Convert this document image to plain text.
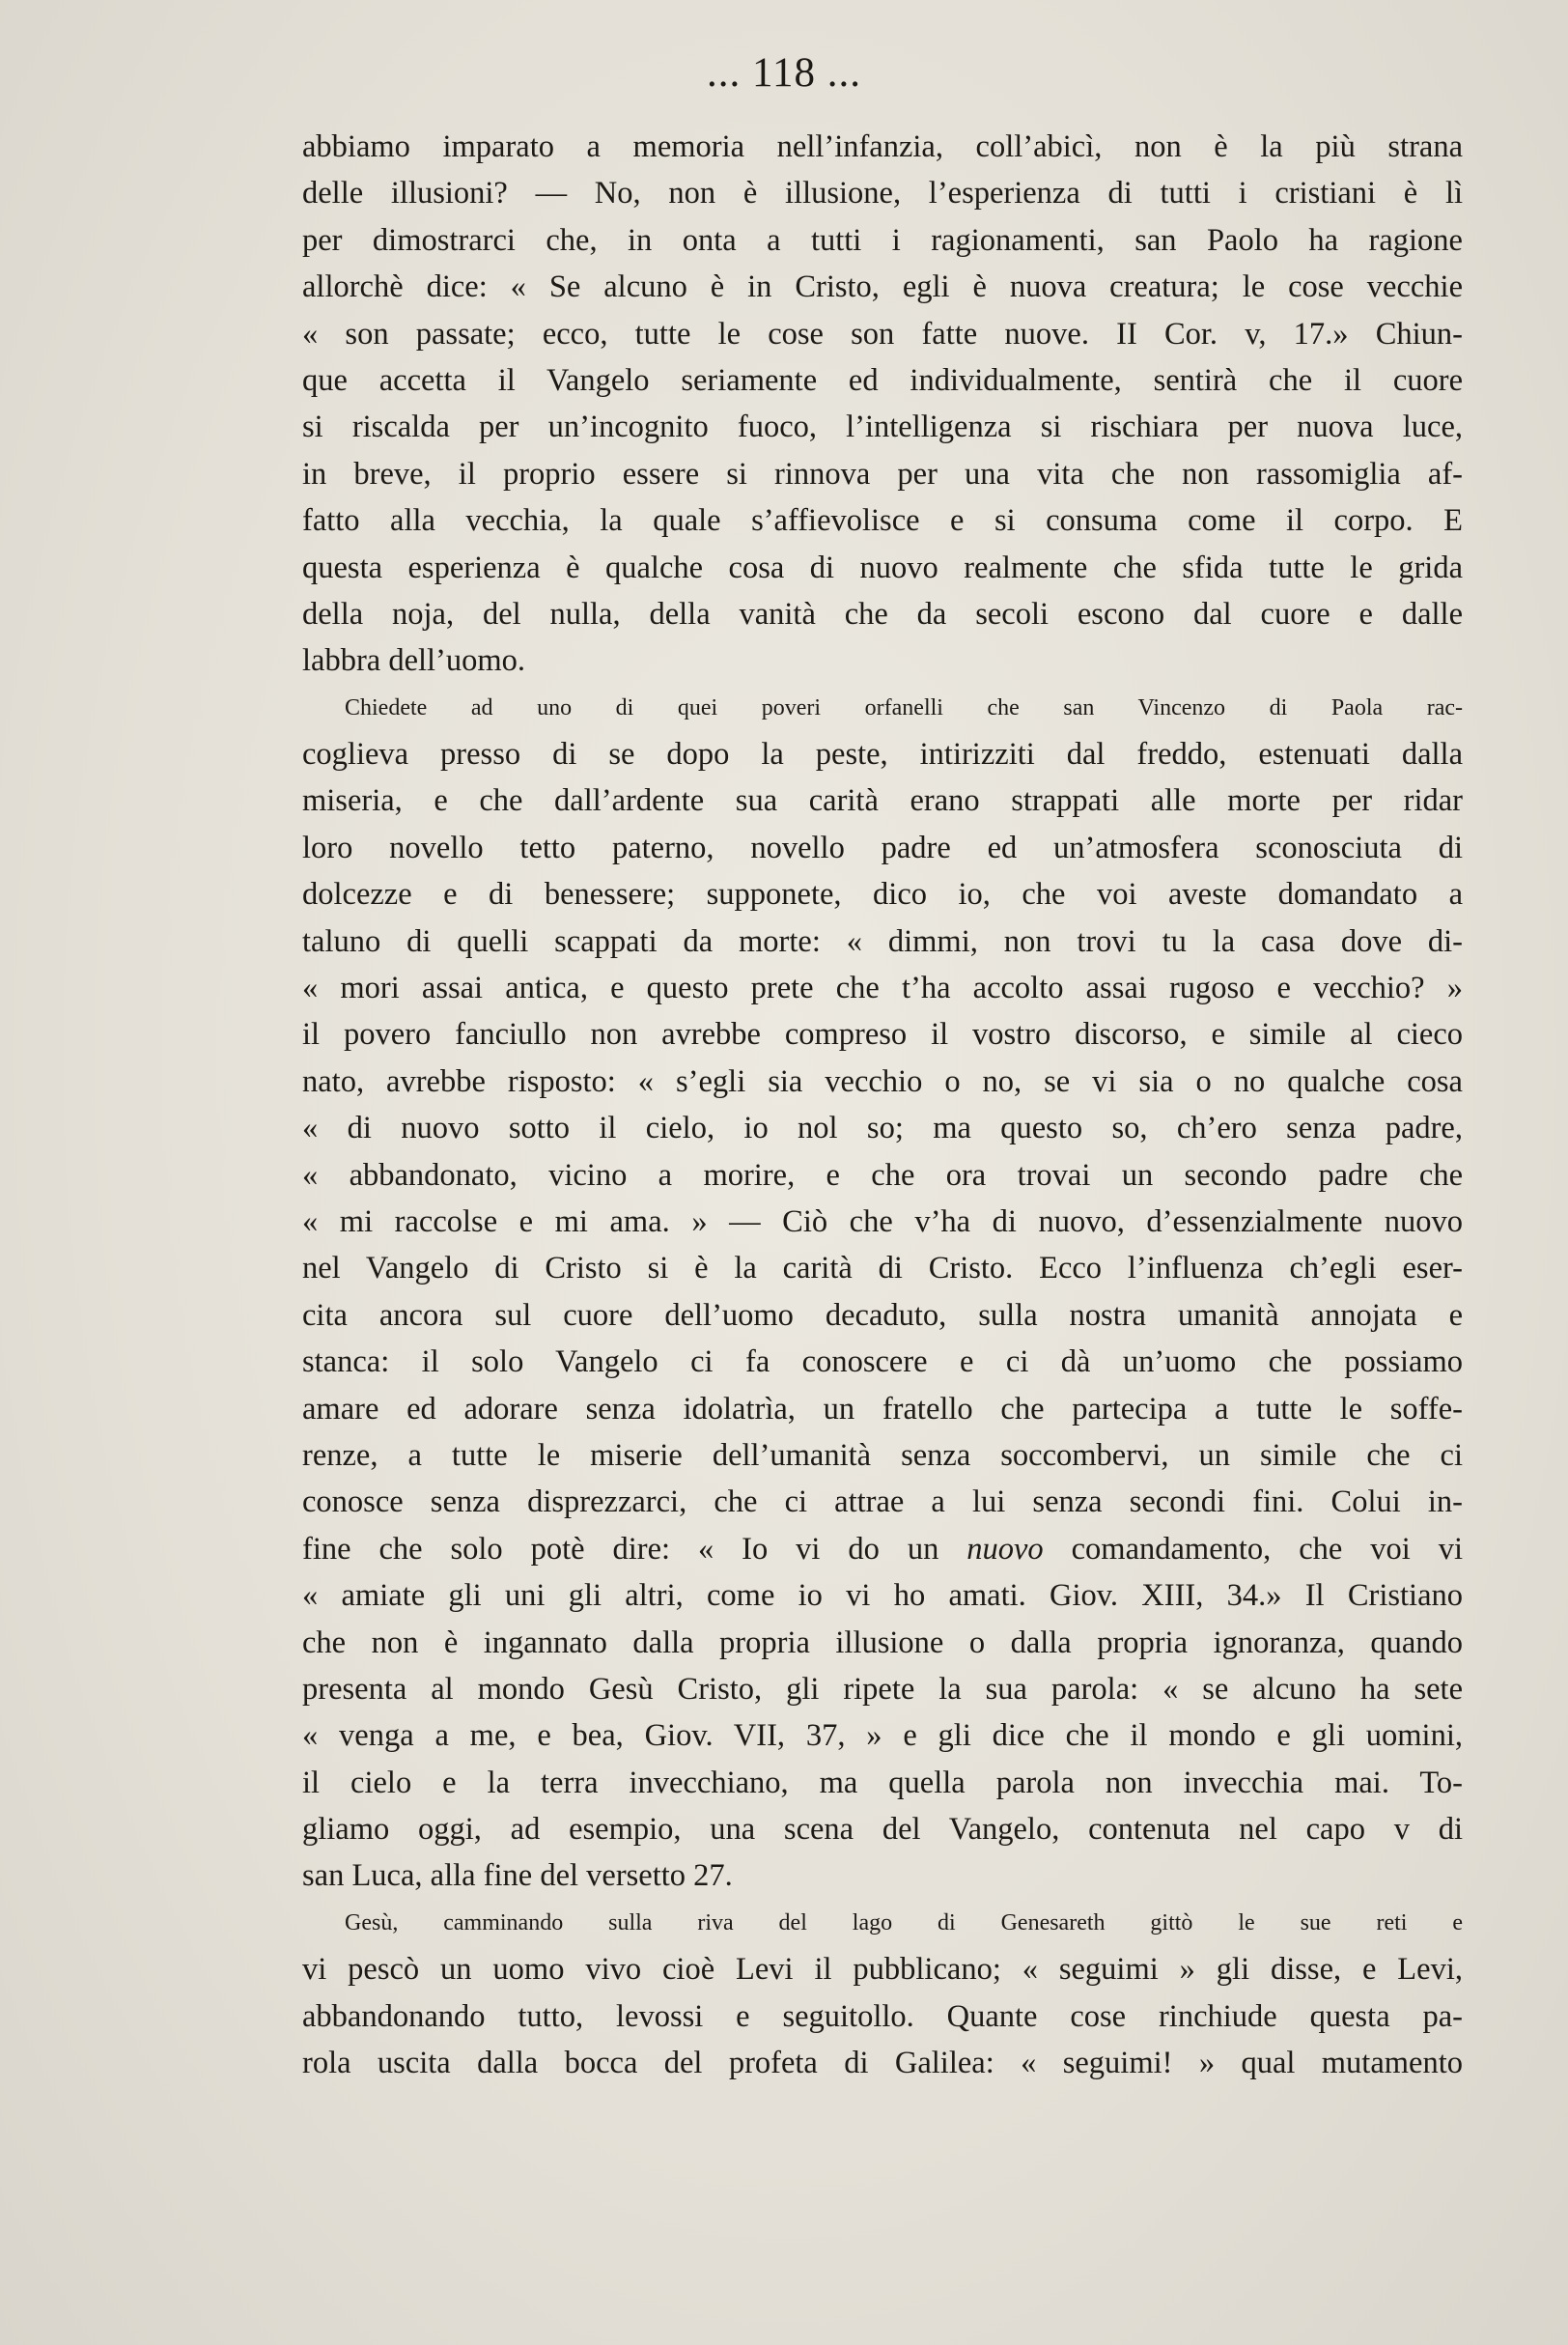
... 118 ...

abbiamo imparato a memoria nell’infanzia, coll’abicì, non è la più strana
delle illusioni? — No, non è illusione, l’esperienza di tutti i cristiani è lì
per dimostrarci che, in onta a tutti i ragionamenti, san Paolo ha ragione
allorchè dice: « Se alcuno è in Cristo, egli è nuova creatura; le cose vecchie
« son passate; ecco, tutte le cose son fatte nuove. II Cor. v, 17.» Chiun-
que accetta il Vangelo seriamente ed individualmente, sentirà che il cuore
si riscalda per un’incognito fuoco, l’intelligenza si rischiara per nuova luce,
in breve, il proprio essere si rinnova per una vita che non rassomiglia af-
fatto alla vecchia, la quale s’affievolisce e si consuma come il corpo. E
questa esperienza è qualche cosa di nuovo realmente che sfida tutte le grida
della noja, del nulla, della vanità che da secoli escono dal cuore e dalle
labbra dell’uomo.
Chiedete ad uno di quei poveri orfanelli che san Vincenzo di Paola rac-
coglieva presso di se dopo la peste, intirizziti dal freddo, estenuati dalla
miseria, e che dall’ardente sua carità erano strappati alle morte per ridar
loro novello tetto paterno, novello padre ed un’atmosfera sconosciuta di
dolcezze e di benessere; supponete, dico io, che voi aveste domandato a
taluno di quelli scappati da morte: « dimmi, non trovi tu la casa dove di-
« mori assai antica, e questo prete che t’ha accolto assai rugoso e vecchio? »
il povero fanciullo non avrebbe compreso il vostro discorso, e simile al cieco
nato, avrebbe risposto: « s’egli sia vecchio o no, se vi sia o no qualche cosa
« di nuovo sotto il cielo, io nol so; ma questo so, ch’ero senza padre,
« abbandonato, vicino a morire, e che ora trovai un secondo padre che
« mi raccolse e mi ama. » — Ciò che v’ha di nuovo, d’essenzialmente nuovo
nel Vangelo di Cristo si è la carità di Cristo. Ecco l’influenza ch’egli eser-
cita ancora sul cuore dell’uomo decaduto, sulla nostra umanità annojata e
stanca: il solo Vangelo ci fa conoscere e ci dà un’uomo che possiamo
amare ed adorare senza idolatrìa, un fratello che partecipa a tutte le soffe-
renze, a tutte le miserie dell’umanità senza soccombervi, un simile che ci
conosce senza disprezzarci, che ci attrae a lui senza secondi fini. Colui in-
fine che solo potè dire: « Io vi do un nuovo comandamento, che voi vi
« amiate gli uni gli altri, come io vi ho amati. Giov. XIII, 34.» Il Cristiano
che non è ingannato dalla propria illusione o dalla propria ignoranza, quando
presenta al mondo Gesù Cristo, gli ripete la sua parola: « se alcuno ha sete
« venga a me, e bea, Giov. VII, 37, » e gli dice che il mondo e gli uomini,
il cielo e la terra invecchiano, ma quella parola non invecchia mai. To-
gliamo oggi, ad esempio, una scena del Vangelo, contenuta nel capo v di
san Luca, alla fine del versetto 27.
Gesù, camminando sulla riva del lago di Genesareth gittò le sue reti e
vi pescò un uomo vivo cioè Levi il pubblicano; « seguimi » gli disse, e Levi,
abbandonando tutto, levossi e seguitollo. Quante cose rinchiude questa pa-
rola uscita dalla bocca del profeta di Galilea: « seguimi! » qual mutamento
